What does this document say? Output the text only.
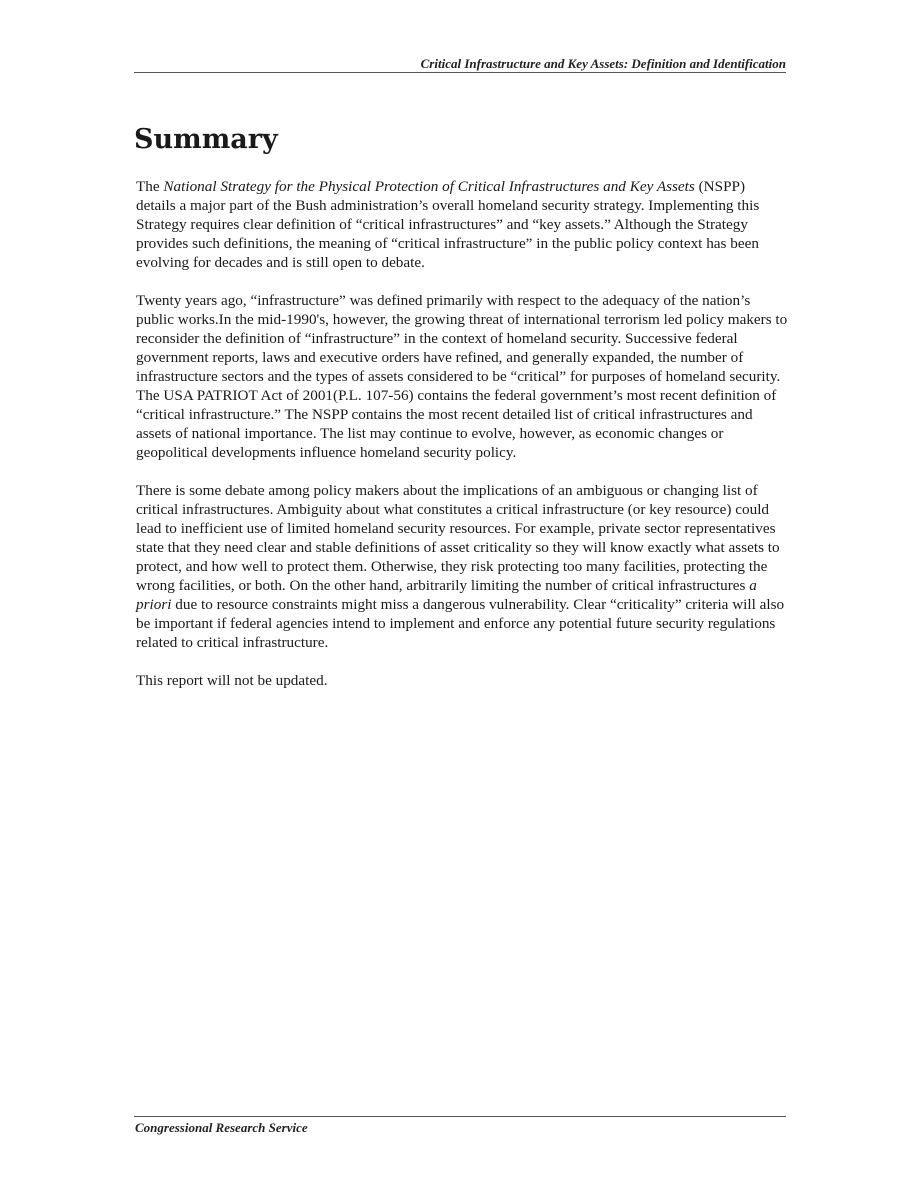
Critical Infrastructure and Key Assets: Definition and Identification
Summary

The National Strategy for the Physical Protection of Critical Infrastructures and Key Assets (NSPP) details a major part of the Bush administration’s overall homeland security strategy. Implementing this Strategy requires clear definition of “critical infrastructures” and “key assets.” Although the Strategy provides such definitions, the meaning of “critical infrastructure” in the public policy context has been evolving for decades and is still open to debate.

Twenty years ago, “infrastructure” was defined primarily with respect to the adequacy of the nation’s public works.In the mid-1990's, however, the growing threat of international terrorism led policy makers to reconsider the definition of “infrastructure” in the context of homeland security. Successive federal government reports, laws and executive orders have refined, and generally expanded, the number of infrastructure sectors and the types of assets considered to be “critical” for purposes of homeland security. The USA PATRIOT Act of 2001(P.L. 107-56) contains the federal government’s most recent definition of “critical infrastructure.” The NSPP contains the most recent detailed list of critical infrastructures and assets of national importance. The list may continue to evolve, however, as economic changes or geopolitical developments influence homeland security policy.

There is some debate among policy makers about the implications of an ambiguous or changing list of critical infrastructures. Ambiguity about what constitutes a critical infrastructure (or key resource) could lead to inefficient use of limited homeland security resources. For example, private sector representatives state that they need clear and stable definitions of asset criticality so they will know exactly what assets to protect, and how well to protect them. Otherwise, they risk protecting too many facilities, protecting the wrong facilities, or both. On the other hand, arbitrarily limiting the number of critical infrastructures a priori due to resource constraints might miss a dangerous vulnerability. Clear “criticality” criteria will also be important if federal agencies intend to implement and enforce any potential future security regulations related to critical infrastructure.

This report will not be updated.

Congressional Research Service
